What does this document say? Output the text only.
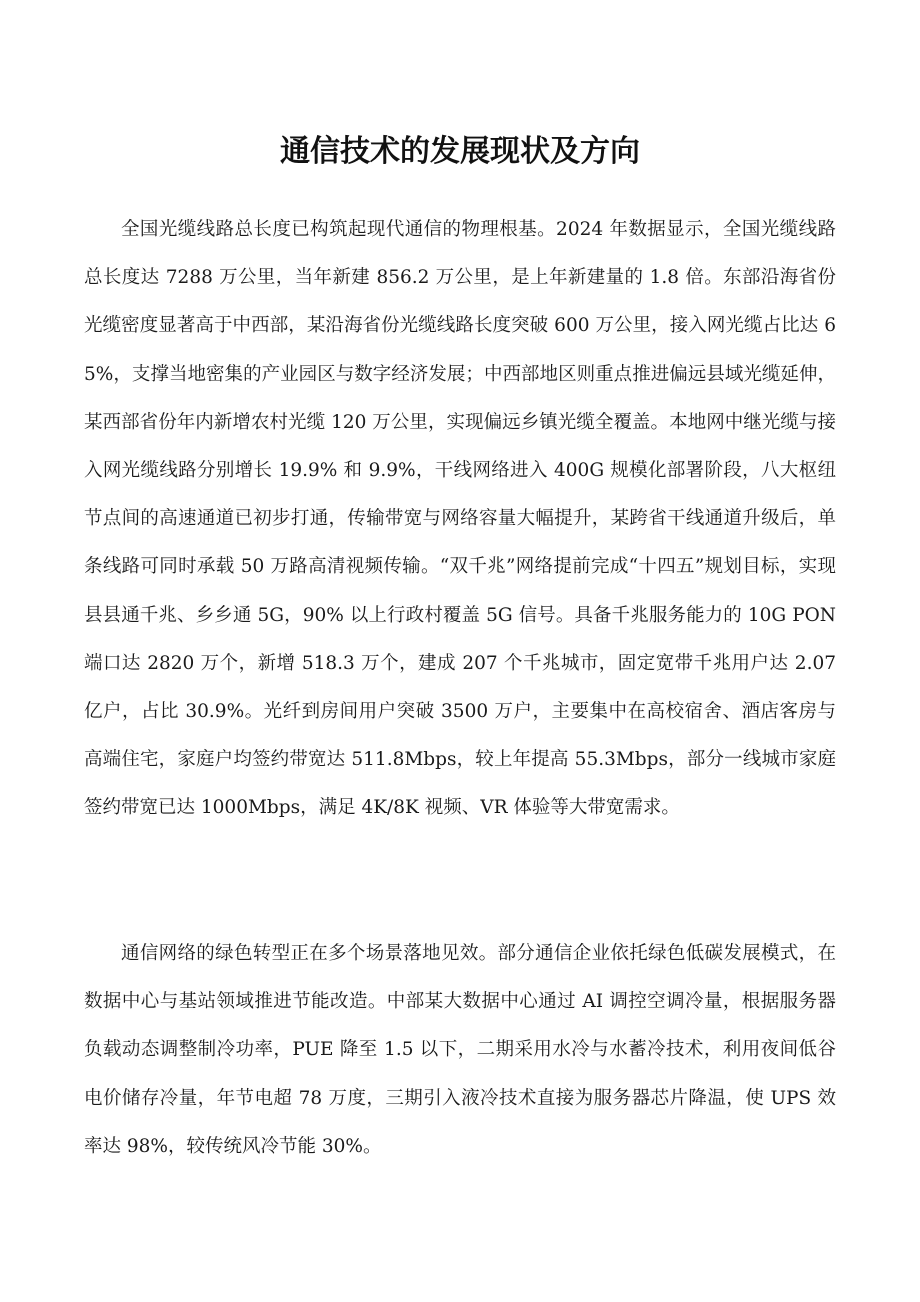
通信技术的发展现状及方向

全国光缆线路总长度已构筑起现代通信的物理根基。2024 年数据显示，全国光缆线路总长度达 7288 万公里，当年新建 856.2 万公里，是上年新建量的 1.8 倍。东部沿海省份光缆密度显著高于中西部，某沿海省份光缆线路长度突破 600 万公里，接入网光缆占比达 65%，支撑当地密集的产业园区与数字经济发展；中西部地区则重点推进偏远县域光缆延伸，某西部省份年内新增农村光缆 120 万公里，实现偏远乡镇光缆全覆盖。本地网中继光缆与接入网光缆线路分别增长 19.9% 和 9.9%，干线网络进入 400G 规模化部署阶段，八大枢纽节点间的高速通道已初步打通，传输带宽与网络容量大幅提升，某跨省干线通道升级后，单条线路可同时承载 50 万路高清视频传输。“双千兆”网络提前完成“十四五”规划目标，实现县县通千兆、乡乡通 5G，90% 以上行政村覆盖 5G 信号。具备千兆服务能力的 10G PON 端口达 2820 万个，新增 518.3 万个，建成 207 个千兆城市，固定宽带千兆用户达 2.07 亿户，占比 30.9%。光纤到房间用户突破 3500 万户，主要集中在高校宿舍、酒店客房与高端住宅，家庭户均签约带宽达 511.8Mbps，较上年提高 55.3Mbps，部分一线城市家庭签约带宽已达 1000Mbps，满足 4K/8K 视频、VR 体验等大带宽需求。

通信网络的绿色转型正在多个场景落地见效。部分通信企业依托绿色低碳发展模式，在数据中心与基站领域推进节能改造。中部某大数据中心通过 AI 调控空调冷量，根据服务器负载动态调整制冷功率，PUE 降至 1.5 以下，二期采用水冷与水蓄冷技术，利用夜间低谷电价储存冷量，年节电超 78 万度，三期引入液冷技术直接为服务器芯片降温，使 UPS 效率达 98%，较传统风冷节能 30%。
